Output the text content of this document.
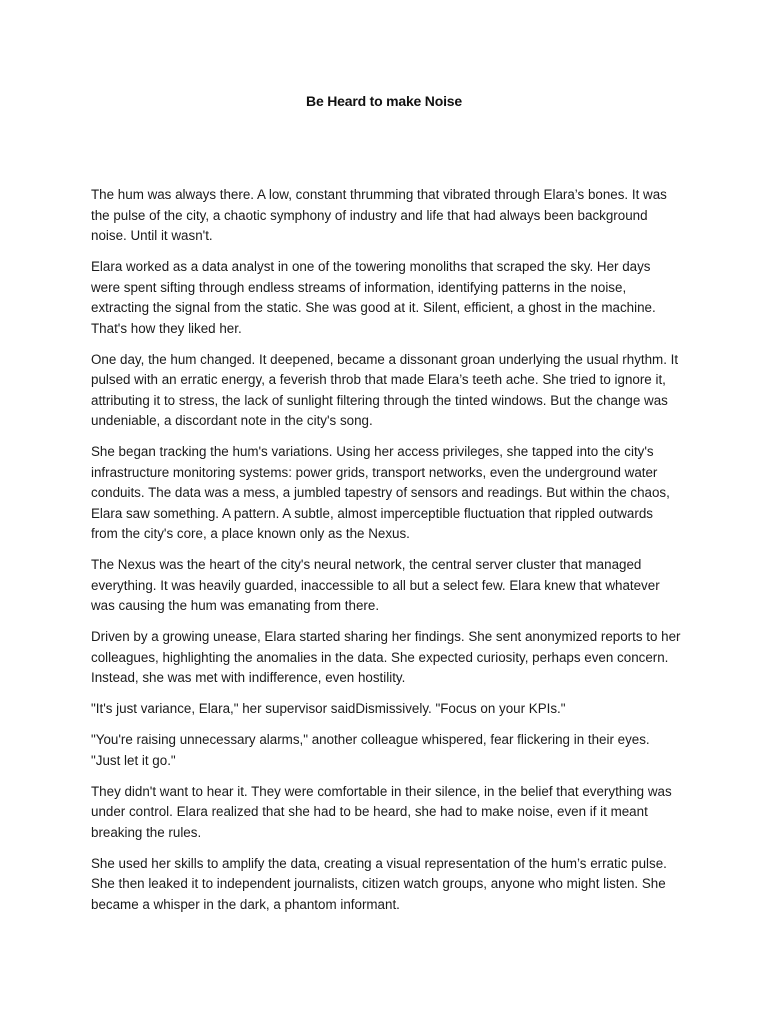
Be Heard to make Noise

The hum was always there. A low, constant thrumming that vibrated through Elara’s bones. It was the pulse of the city, a chaotic symphony of industry and life that had always been background noise. Until it wasn't.

Elara worked as a data analyst in one of the towering monoliths that scraped the sky. Her days were spent sifting through endless streams of information, identifying patterns in the noise, extracting the signal from the static. She was good at it. Silent, efficient, a ghost in the machine. That's how they liked her.

One day, the hum changed. It deepened, became a dissonant groan underlying the usual rhythm. It pulsed with an erratic energy, a feverish throb that made Elara’s teeth ache. She tried to ignore it, attributing it to stress, the lack of sunlight filtering through the tinted windows. But the change was undeniable, a discordant note in the city's song.

She began tracking the hum's variations. Using her access privileges, she tapped into the city's infrastructure monitoring systems: power grids, transport networks, even the underground water conduits. The data was a mess, a jumbled tapestry of sensors and readings. But within the chaos, Elara saw something. A pattern. A subtle, almost imperceptible fluctuation that rippled outwards from the city's core, a place known only as the Nexus.

The Nexus was the heart of the city's neural network, the central server cluster that managed everything. It was heavily guarded, inaccessible to all but a select few. Elara knew that whatever was causing the hum was emanating from there.

Driven by a growing unease, Elara started sharing her findings. She sent anonymized reports to her colleagues, highlighting the anomalies in the data. She expected curiosity, perhaps even concern. Instead, she was met with indifference, even hostility.

"It's just variance, Elara," her supervisor saidDismissively. "Focus on your KPIs."

"You're raising unnecessary alarms," another colleague whispered, fear flickering in their eyes. "Just let it go."

They didn't want to hear it. They were comfortable in their silence, in the belief that everything was under control. Elara realized that she had to be heard, she had to make noise, even if it meant breaking the rules.

She used her skills to amplify the data, creating a visual representation of the hum’s erratic pulse. She then leaked it to independent journalists, citizen watch groups, anyone who might listen. She became a whisper in the dark, a phantom informant.
